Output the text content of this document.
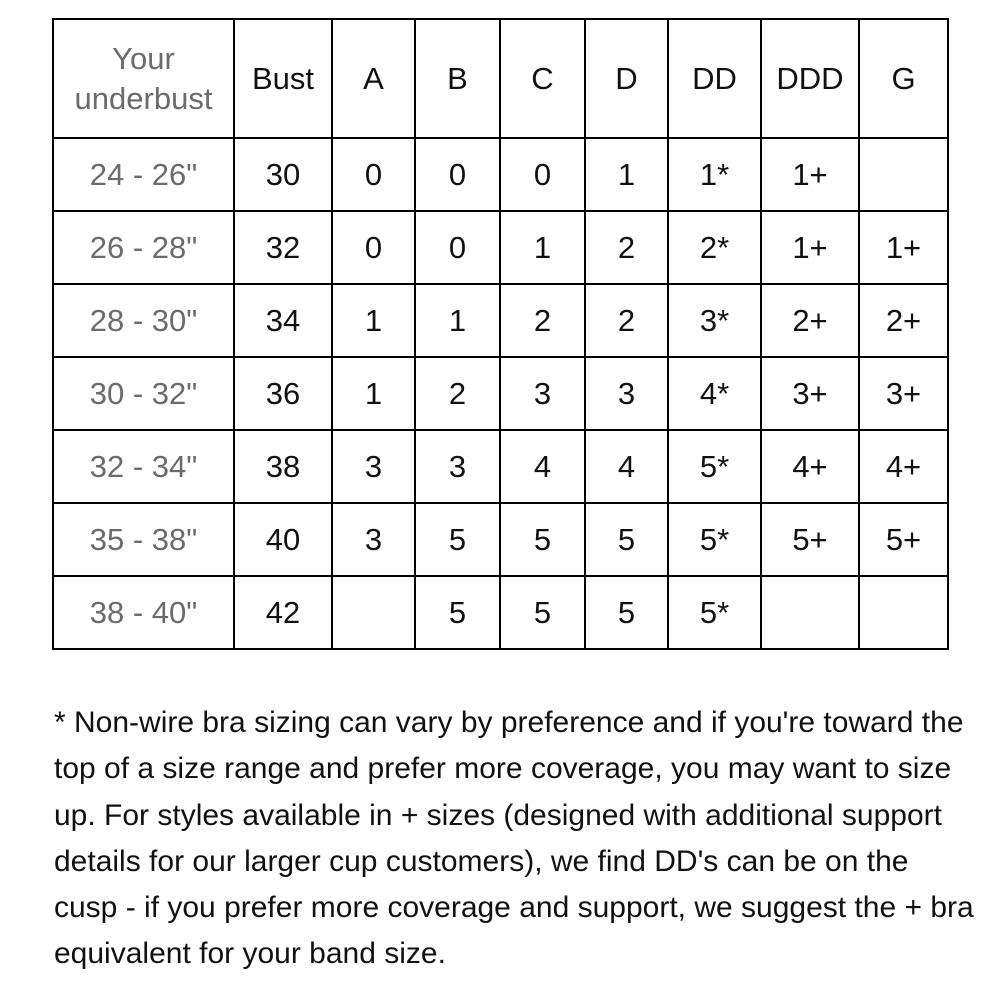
Your underbust	Bust	A	B	C	D	DD	DDD	G
24 - 26"	30	0	0	0	1	1*	1+	
26 - 28"	32	0	0	1	2	2*	1+	1+
28 - 30"	34	1	1	2	2	3*	2+	2+
30 - 32"	36	1	2	3	3	4*	3+	3+
32 - 34"	38	3	3	4	4	5*	4+	4+
35 - 38"	40	3	5	5	5	5*	5+	5+
38 - 40"	42		5	5	5	5*		

* Non-wire bra sizing can vary by preference and if you're toward the top of a size range and prefer more coverage, you may want to size up. For styles available in + sizes (designed with additional support details for our larger cup customers), we find DD's can be on the cusp - if you prefer more coverage and support, we suggest the + bra equivalent for your band size.
